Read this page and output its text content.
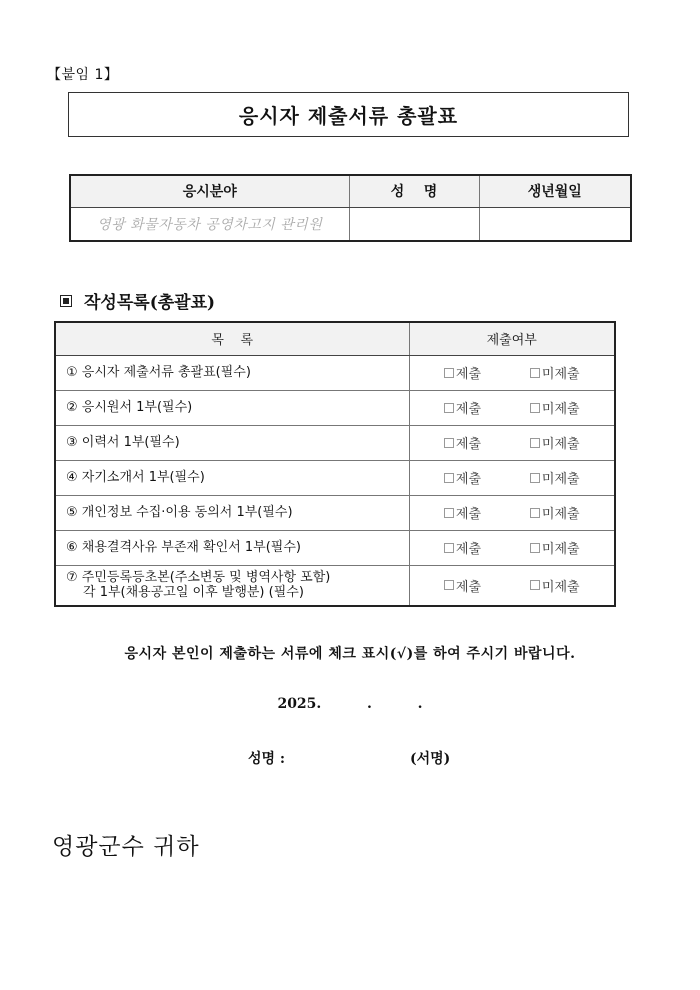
【붙임 1】
응시자 제출서류 총괄표
응시분야	성    명	생년월일
영광 화물자동차 공영차고지 관리원		
작성목록(총괄표)
목    록	제출여부
① 응시자 제출서류 총괄표(필수)	제출 미제출

② 응시원서 1부(필수)	제출 미제출

③ 이력서 1부(필수)	제출 미제출

④ 자기소개서 1부(필수)	제출 미제출

⑤ 개인정보 수집·이용 동의서 1부(필수)	제출 미제출

⑥ 채용결격사유 부존재 확인서 1부(필수)	제출 미제출

⑦ 주민등록등초본(주소변동 및 병역사항 포함)
각 1부(채용공고일 이후 발행분) (필수)	제출	미제출
응시자 본인이 제출하는 서류에 체크 표시(√)를 하여 주시기 바랍니다.
2025.	.	.
성명 :	(서명)
영광군수 귀하
